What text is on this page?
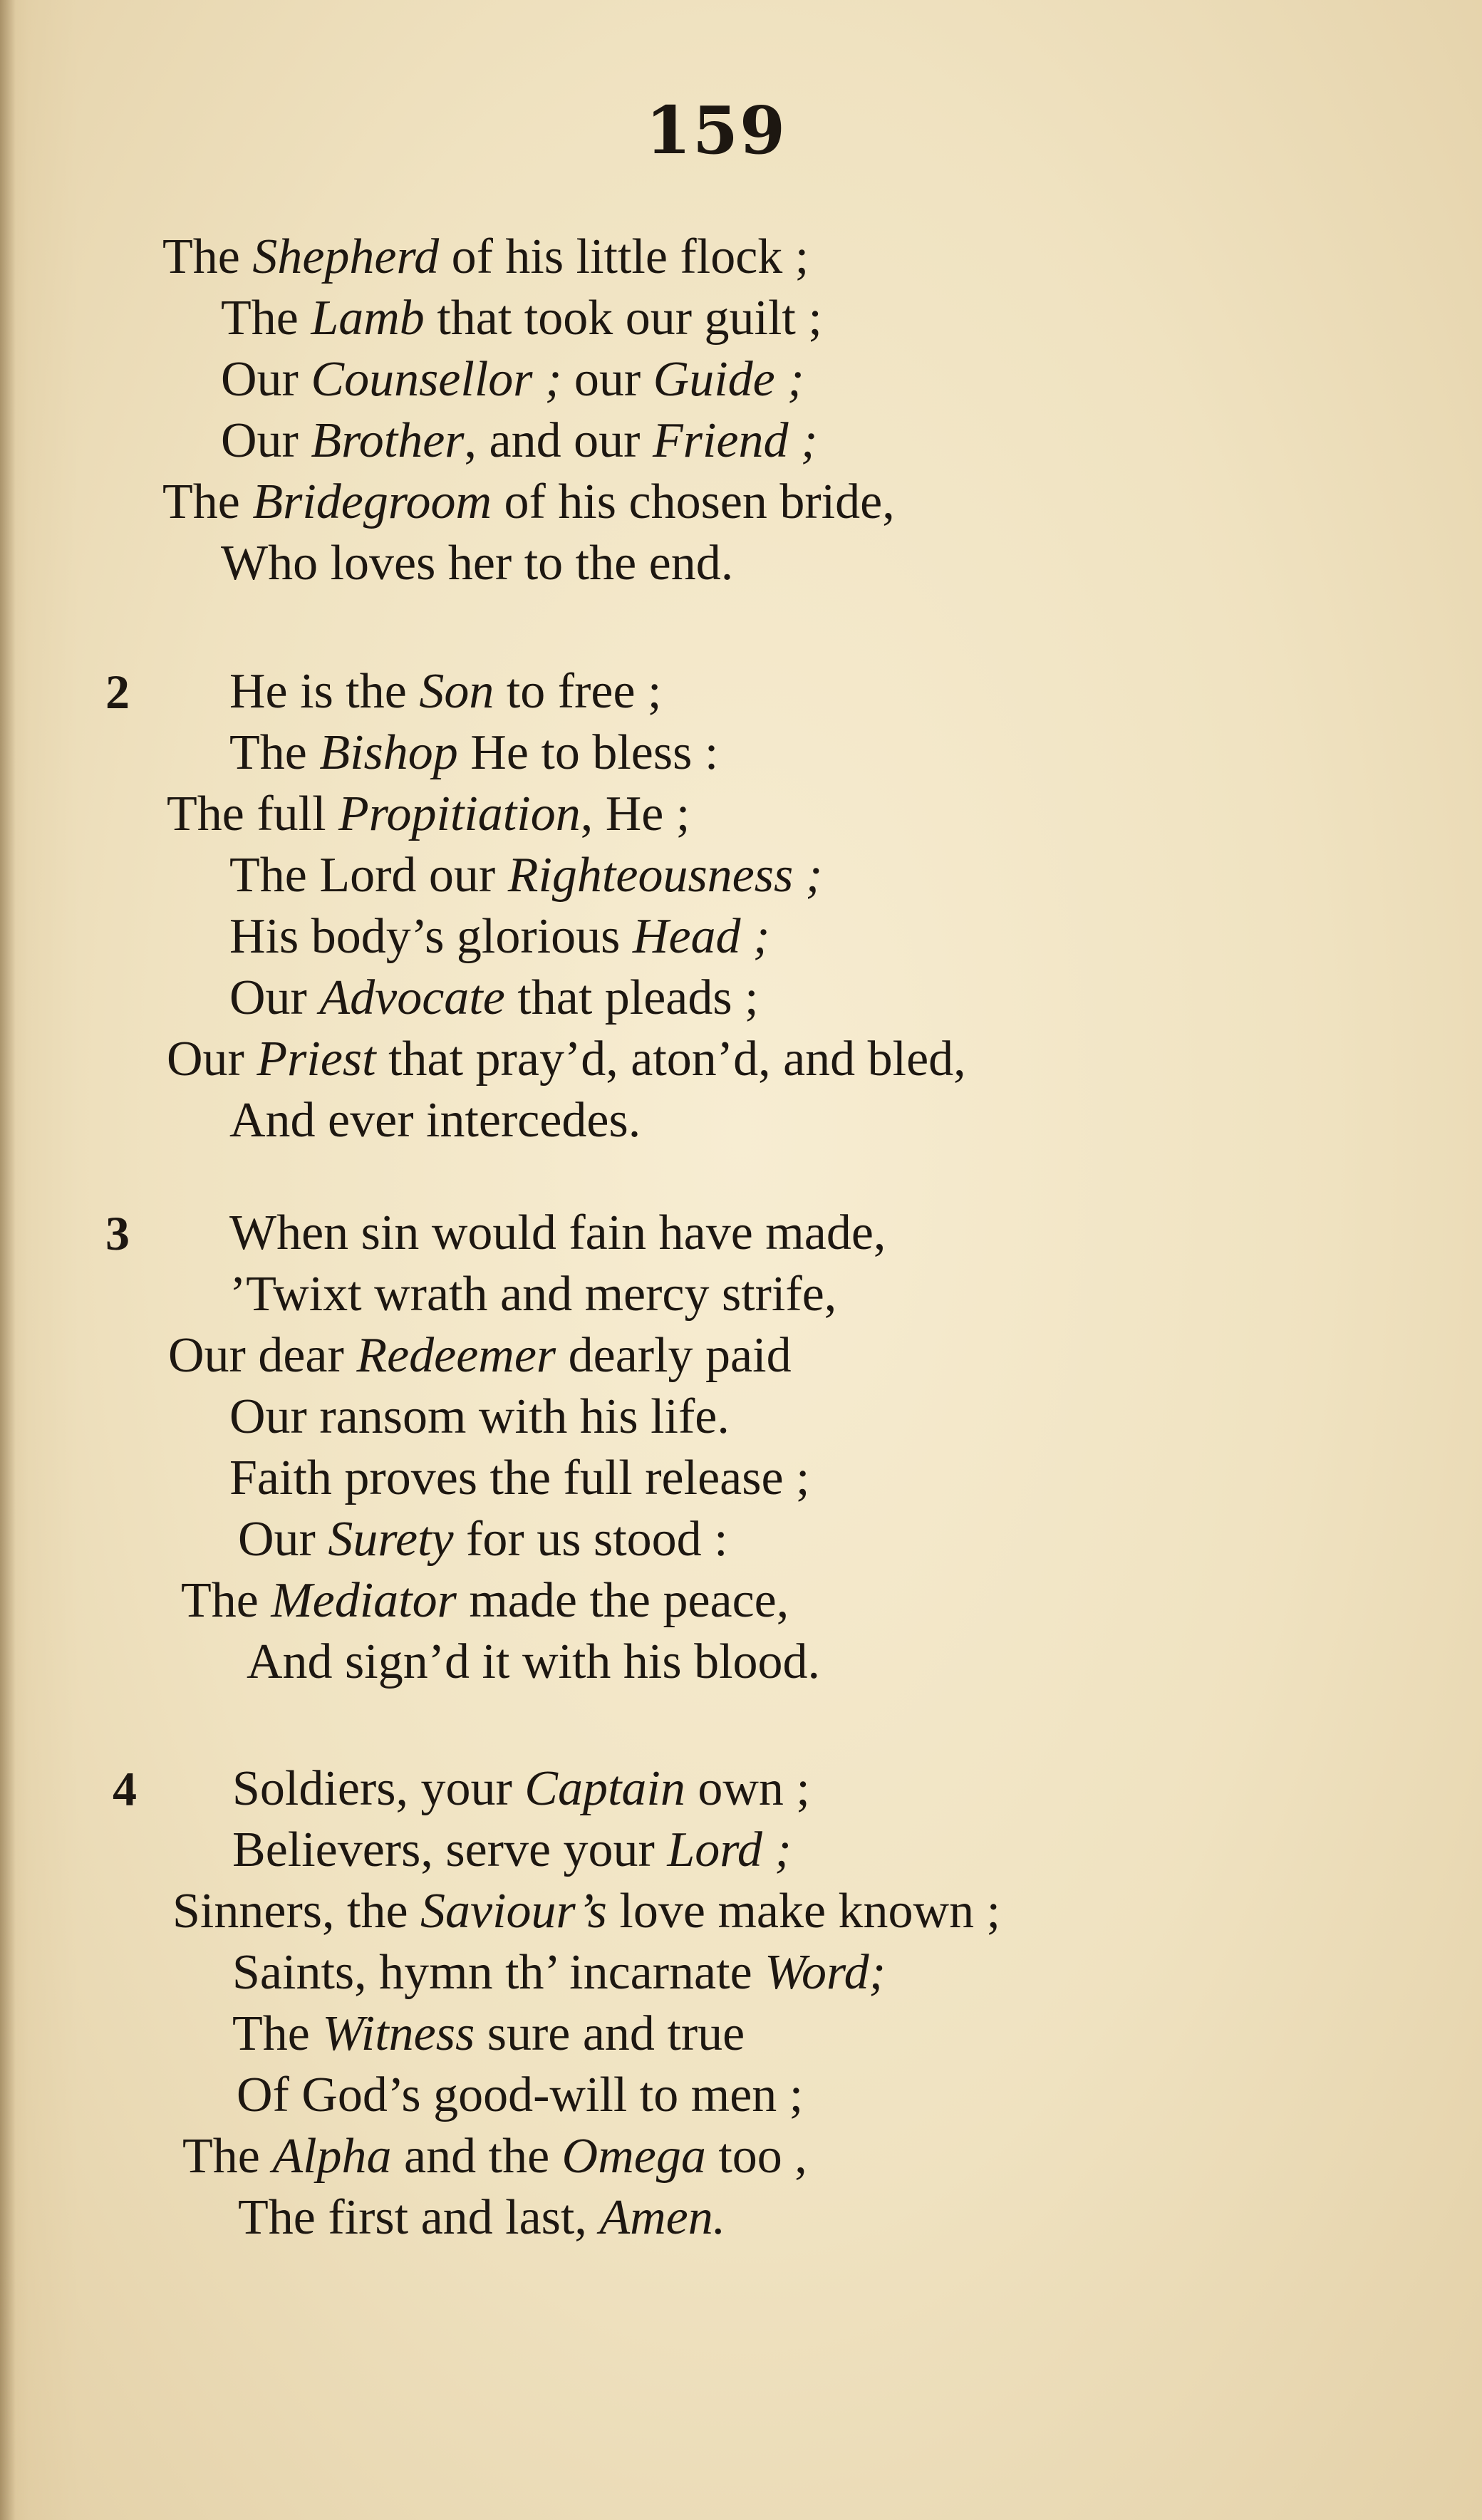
159
The Shepherd of his little flock ;
The Lamb that took our guilt ;
Our Counsellor ; our Guide ;
Our Brother, and our Friend ;
The Bridegroom of his chosen bride,
Who loves her to the end.
2 He is the Son to free ;
The Bishop He to bless :
The full Propitiation, He ;
The Lord our Righteousness ;
His body’s glorious Head ;
Our Advocate that pleads ;
Our Priest that pray’d, aton’d, and bled,
And ever intercedes.
3 When sin would fain have made,
’Twixt wrath and mercy strife,
Our dear Redeemer dearly paid
Our ransom with his life.
Faith proves the full release ;
Our Surety for us stood :
The Mediator made the peace,
And sign’d it with his blood.
4 Soldiers, your Captain own ;
Believers, serve your Lord ;
Sinners, the Saviour’s love make known ;
Saints, hymn th’ incarnate Word;
The Witness sure and true
Of God’s good-will to men ;
The Alpha and the Omega too ,
The first and last, Amen.
